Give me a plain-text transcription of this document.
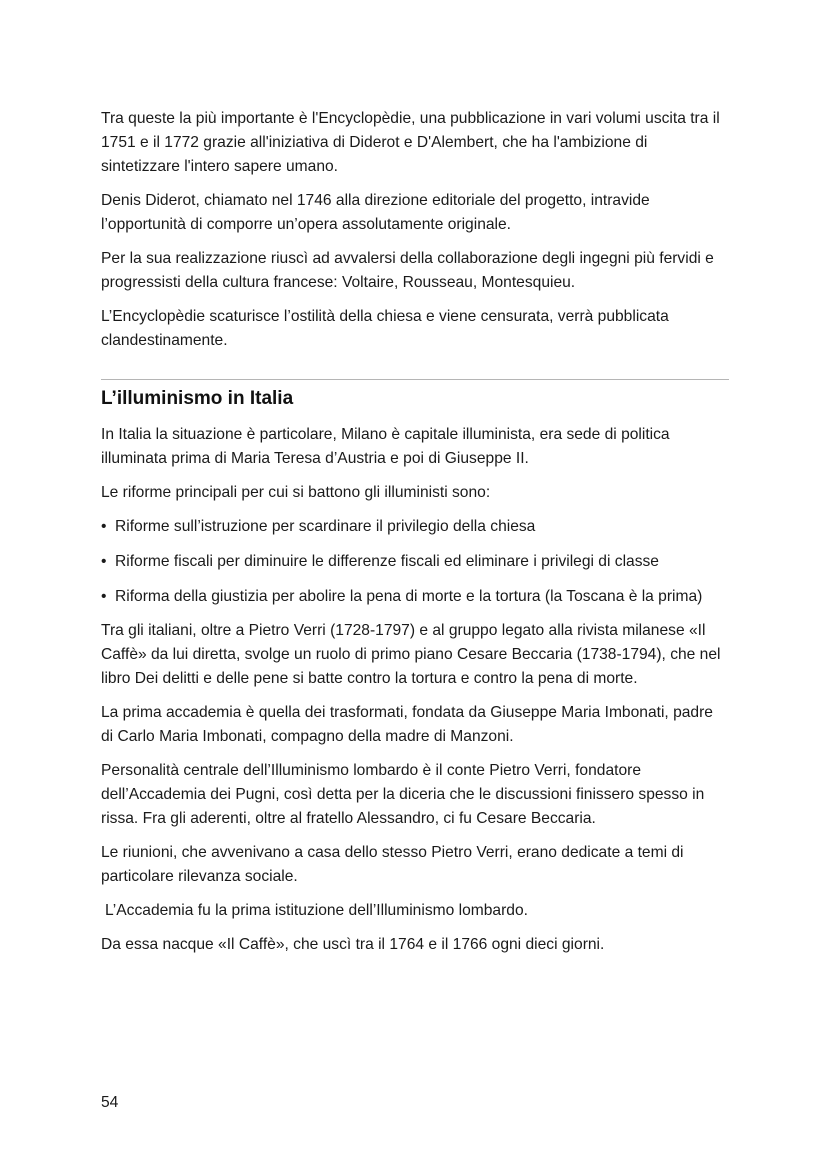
Tra queste la più importante è l'Encyclopèdie, una pubblicazione in vari volumi uscita tra il 1751 e il 1772 grazie all'iniziativa di Diderot e D'Alembert, che ha l'ambizione di sintetizzare l'intero sapere umano.

Denis Diderot, chiamato nel 1746 alla direzione editoriale del progetto, intravide l’opportunità di comporre un’opera assolutamente originale.

Per la sua realizzazione riuscì ad avvalersi della collaborazione degli ingegni più fervidi e progressisti della cultura francese: Voltaire, Rousseau, Montesquieu.

L’Encyclopèdie scaturisce l’ostilità della chiesa e viene censurata, verrà pubblicata clandestinamente.

L’illuminismo in Italia

In Italia la situazione è particolare, Milano è capitale illuminista, era sede di politica illuminata prima di Maria Teresa d’Austria e poi di Giuseppe II.

Le riforme principali per cui si battono gli illuministi sono:

• Riforme sull’istruzione per scardinare il privilegio della chiesa
• Riforme fiscali per diminuire le differenze fiscali ed eliminare i privilegi di classe
• Riforma della giustizia per abolire la pena di morte e la tortura (la Toscana è la prima)

Tra gli italiani, oltre a Pietro Verri (1728-1797) e al gruppo legato alla rivista milanese «Il Caffè» da lui diretta, svolge un ruolo di primo piano Cesare Beccaria (1738-1794), che nel libro Dei delitti e delle pene si batte contro la tortura e contro la pena di morte.

La prima accademia è quella dei trasformati, fondata da Giuseppe Maria Imbonati, padre di Carlo Maria Imbonati, compagno della madre di Manzoni.

Personalità centrale dell’Illuminismo lombardo è il conte Pietro Verri, fondatore dell’Accademia dei Pugni, così detta per la diceria che le discussioni finissero spesso in rissa. Fra gli aderenti, oltre al fratello Alessandro, ci fu Cesare Beccaria.

Le riunioni, che avvenivano a casa dello stesso Pietro Verri, erano dedicate a temi di particolare rilevanza sociale.

L’Accademia fu la prima istituzione dell’Illuminismo lombardo.

Da essa nacque «Il Caffè», che uscì tra il 1764 e il 1766 ogni dieci giorni.

54
